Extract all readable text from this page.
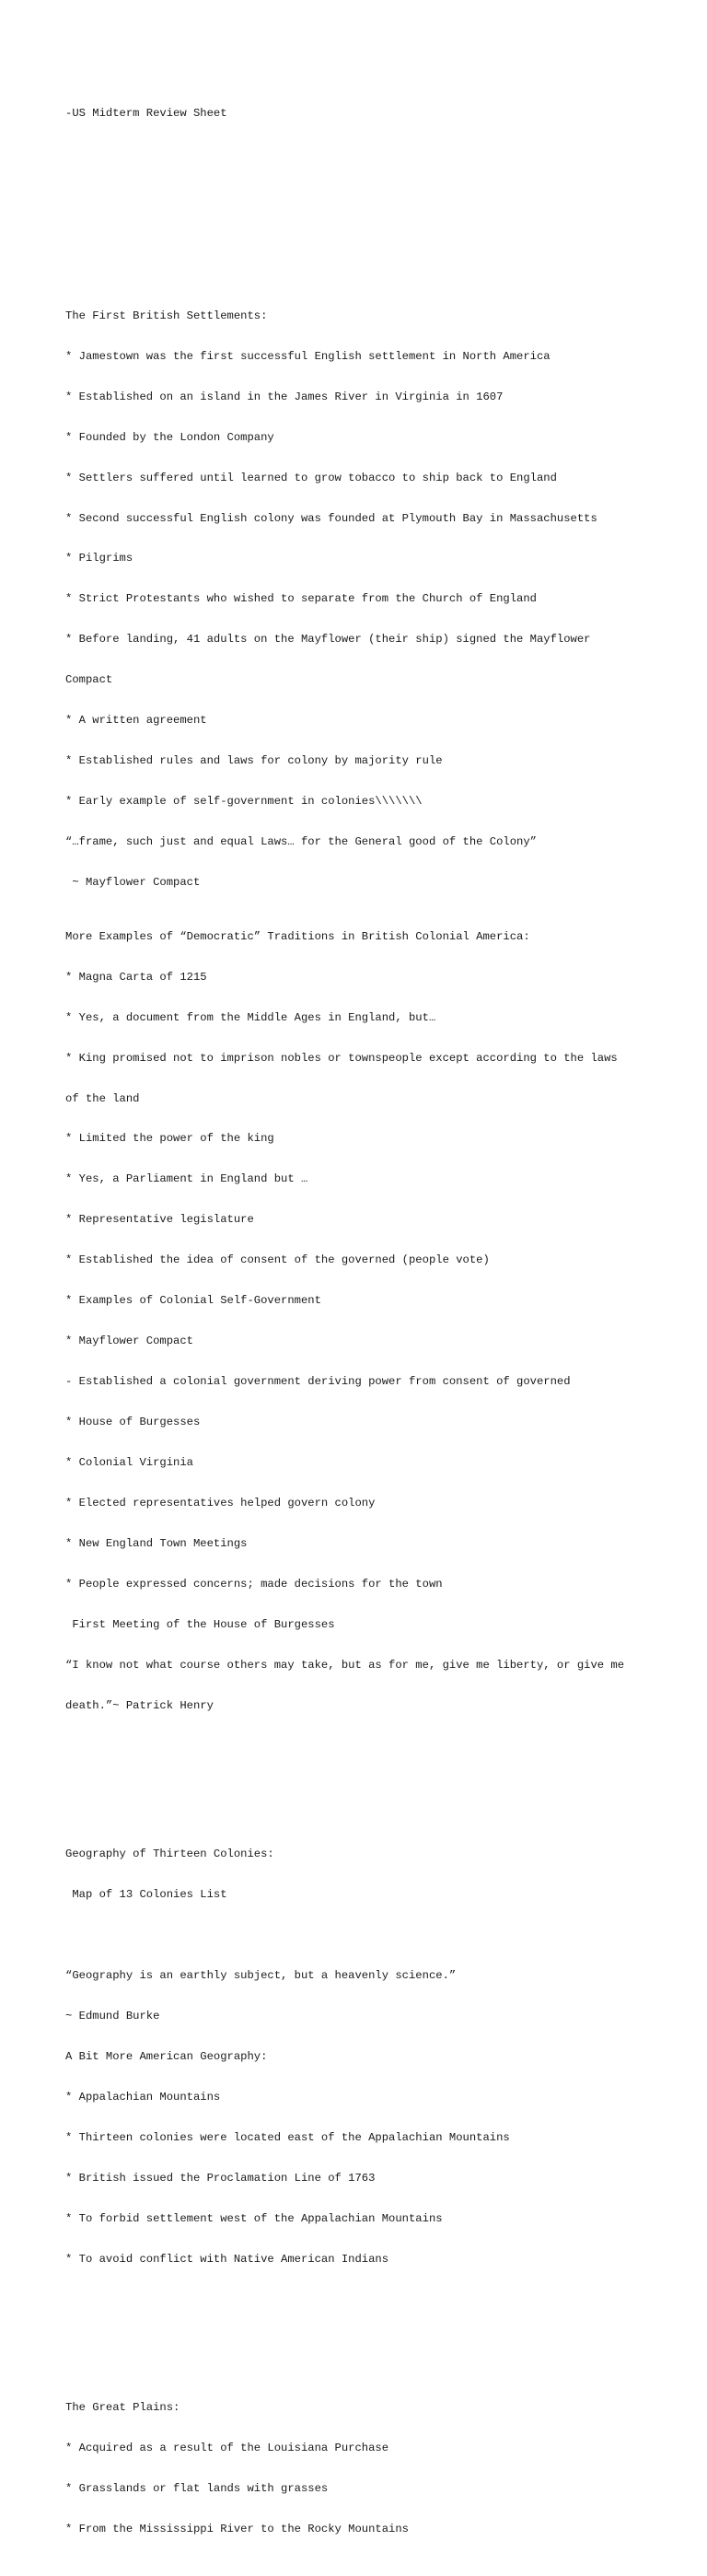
-US Midterm Review Sheet

The First British Settlements:

* Jamestown was the first successful English settlement in North America

* Established on an island in the James River in Virginia in 1607

* Founded by the London Company

* Settlers suffered until learned to grow tobacco to ship back to England

* Second successful English colony was founded at Plymouth Bay in Massachusetts

* Pilgrims

* Strict Protestants who wished to separate from the Church of England

* Before landing, 41 adults on the Mayflower (their ship) signed the Mayflower

Compact

* A written agreement

* Established rules and laws for colony by majority rule

* Early example of self-government in colonies\\\\\\\

“…frame, such just and equal Laws… for the General good of the Colony”

~ Mayflower Compact

More Examples of “Democratic” Traditions in British Colonial America:

* Magna Carta of 1215

* Yes, a document from the Middle Ages in England, but…

* King promised not to imprison nobles or townspeople except according to the laws

of the land

* Limited the power of the king

* Yes, a Parliament in England but …

* Representative legislature

* Established the idea of consent of the governed (people vote)

* Examples of Colonial Self-Government

* Mayflower Compact

- Established a colonial government deriving power from consent of governed

* House of Burgesses

* Colonial Virginia

* Elected representatives helped govern colony

* New England Town Meetings

* People expressed concerns; made decisions for the town

First Meeting of the House of Burgesses

“I know not what course others may take, but as for me, give me liberty, or give me

death.”~ Patrick Henry

Geography of Thirteen Colonies:

Map of 13 Colonies List

“Geography is an earthly subject, but a heavenly science.”

~ Edmund Burke

A Bit More American Geography:

* Appalachian Mountains

* Thirteen colonies were located east of the Appalachian Mountains

* British issued the Proclamation Line of 1763

* To forbid settlement west of the Appalachian Mountains

* To avoid conflict with Native American Indians

The Great Plains:

* Acquired as a result of the Louisiana Purchase

* Grasslands or flat lands with grasses

* From the Mississippi River to the Rocky Mountains
